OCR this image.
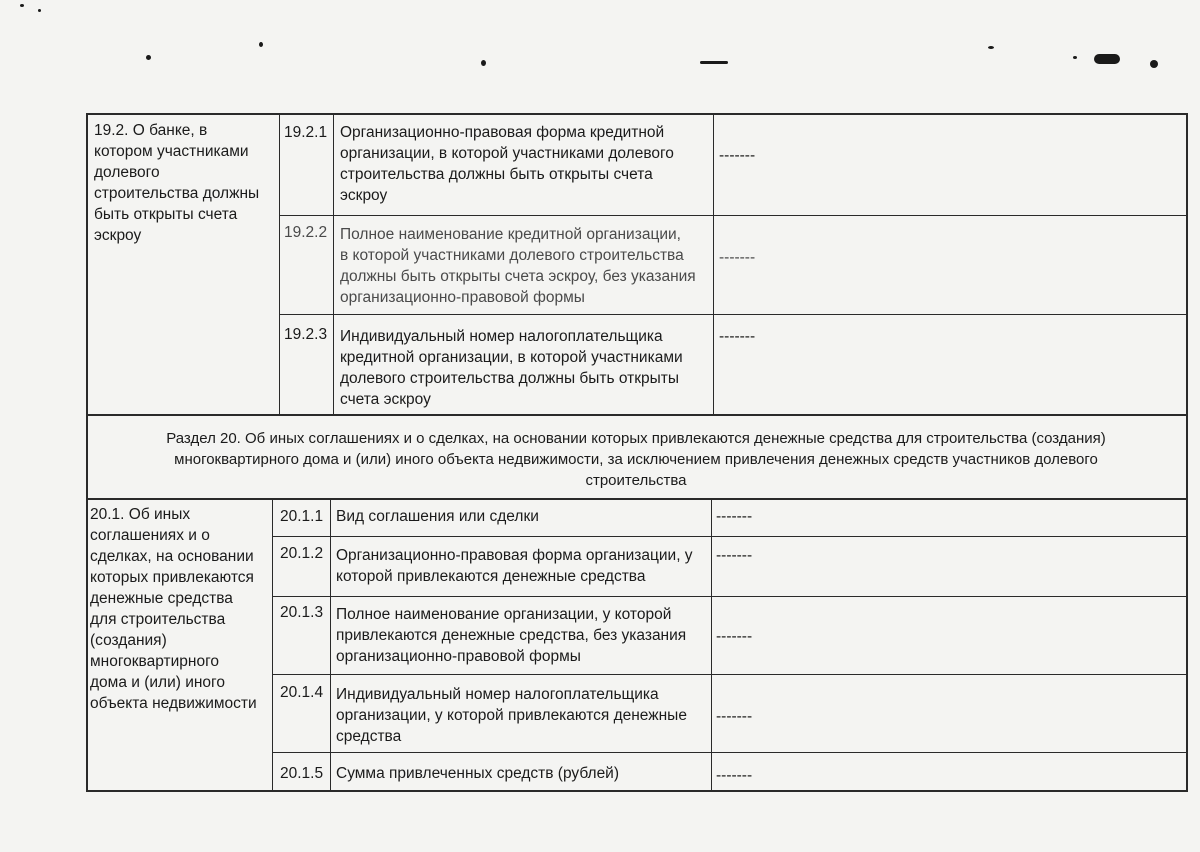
19.2. О банке, в
котором участниками
долевого
строительства должны
быть открыты счета
эскроу
19.2.1 Организационно-правовая форма кредитной
организации, в которой участниками долевого
строительства должны быть открыты счета
эскроу
-------
19.2.2 Полное наименование кредитной организации,
в которой участниками долевого строительства
должны быть открыты счета эскроу, без указания
организационно-правовой формы
-------
19.2.3 Индивидуальный номер налогоплательщика
кредитной организации, в которой участниками
долевого строительства должны быть открыты
счета эскроу
-------
Раздел 20. Об иных соглашениях и о сделках, на основании которых привлекаются денежные средства для строительства (создания)
многоквартирного дома и (или) иного объекта недвижимости, за исключением привлечения денежных средств участников долевого
строительства
20.1. Об иных
соглашениях и о
сделках, на основании
которых привлекаются
денежные средства
для строительства
(создания)
многоквартирного
дома и (или) иного
объекта недвижимости
20.1.1 Вид соглашения или сделки	-------
20.1.2 Организационно-правовая форма организации, у
которой привлекаются денежные средства
-------
20.1.3 Полное наименование организации, у которой
привлекаются денежные средства, без указания
организационно-правовой формы
-------
20.1.4 Индивидуальный номер налогоплательщика
организации, у которой привлекаются денежные
средства
-------
20.1.5 Сумма привлеченных средств (рублей)	-------
